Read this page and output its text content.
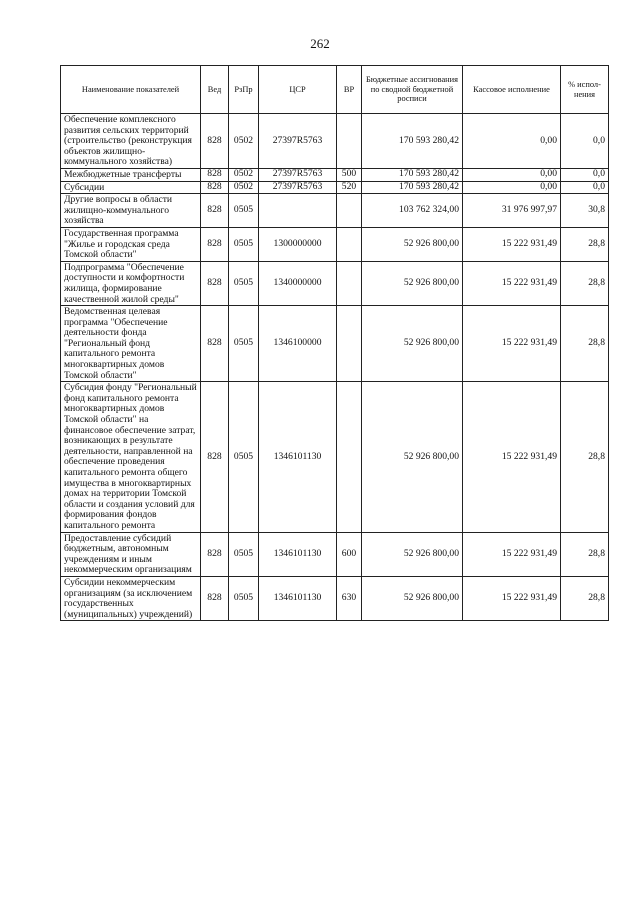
262
Наименование показателей	Вед	РзПр	ЦСР	ВР	Бюджетные ассигнования по сводной бюджетной росписи	Кассовое исполнение	% испол-нения
Обеспечение комплексного развития сельских территорий (строительство (реконструкция объектов жилищно-коммунального хозяйства)	828	0502	27397R5763		170 593 280,42	0,00	0,0
Межбюджетные трансферты	828	0502	27397R5763	500	170 593 280,42	0,00	0,0
Субсидии	828	0502	27397R5763	520	170 593 280,42	0,00	0,0
Другие вопросы в области жилищно-коммунального хозяйства	828	0505			103 762 324,00	31 976 997,97	30,8
Государственная программа "Жилье и городская среда Томской области"	828	0505	1300000000		52 926 800,00	15 222 931,49	28,8
Подпрограмма "Обеспечение доступности и комфортности жилища, формирование качественной жилой среды"	828	0505	1340000000		52 926 800,00	15 222 931,49	28,8
Ведомственная целевая программа "Обеспечение деятельности фонда "Региональный фонд капитального ремонта многоквартирных домов Томской области"	828	0505	1346100000		52 926 800,00	15 222 931,49	28,8
Субсидия фонду "Региональный фонд капитального ремонта многоквартирных домов Томской области" на финансовое обеспечение затрат, возникающих в результате деятельности, направленной на обеспечение проведения капитального ремонта общего имущества в многоквартирных домах на территории Томской области и создания условий для формирования фондов капитального ремонта	828	0505	1346101130		52 926 800,00	15 222 931,49	28,8
Предоставление субсидий бюджетным, автономным учреждениям и иным некоммерческим организациям	828	0505	1346101130	600	52 926 800,00	15 222 931,49	28,8
Субсидии некоммерческим организациям (за исключением государственных (муниципальных) учреждений)	828	0505	1346101130	630	52 926 800,00	15 222 931,49	28,8
